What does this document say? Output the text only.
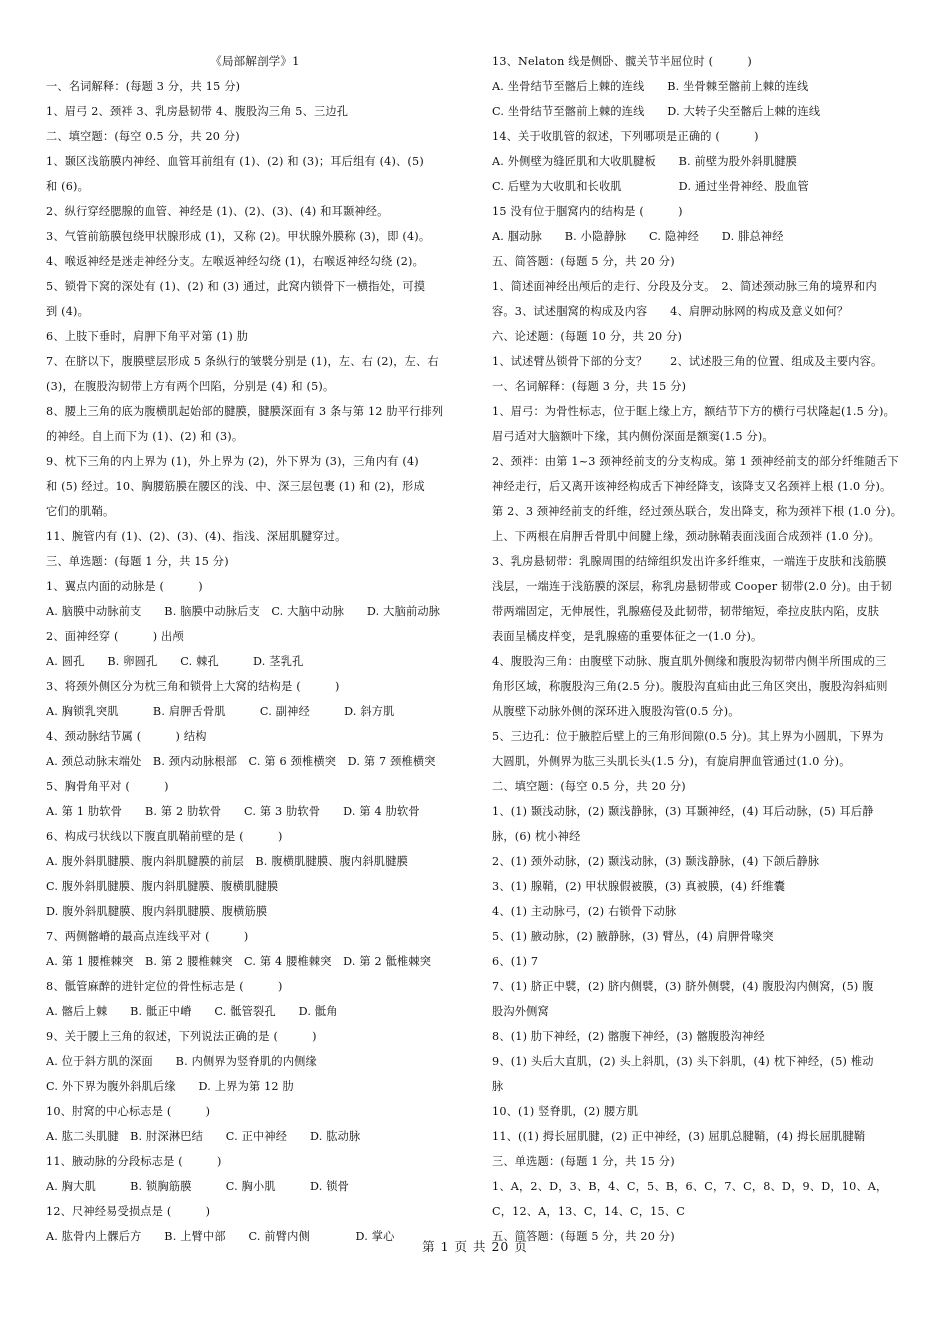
《局部解剖学》1
一、名词解释：(每题 3 分，共 15 分)
1、眉弓 2、颈袢 3、乳房悬韧带 4、腹股沟三角 5、三边孔
二、填空题：(每空 0.5 分，共 20 分)
1、颞区浅筋膜内神经、血管耳前组有 (1)、(2) 和 (3)；耳后组有 (4)、(5)
和 (6)。
2、纵行穿经腮腺的血管、神经是 (1)、(2)、(3)、(4) 和耳颞神经。
3、气管前筋膜包绕甲状腺形成 (1)，又称 (2)。甲状腺外膜称 (3)，即 (4)。
4、喉返神经是迷走神经分支。左喉返神经勾绕 (1)，右喉返神经勾绕 (2)。
5、锁骨下窝的深处有 (1)、(2) 和 (3) 通过，此窝内锁骨下一横指处，可摸
到 (4)。
6、上肢下垂时，肩胛下角平对第 (1) 肋
7、在脐以下，腹膜壁层形成 5 条纵行的皱襞分别是 (1)，左、右 (2)，左、右
(3)，在腹股沟韧带上方有两个凹陷，分别是 (4) 和 (5)。
8、腰上三角的底为腹横肌起始部的腱膜，腱膜深面有 3 条与第 12 肋平行排列
的神经。自上而下为 (1)、(2) 和 (3)。
9、枕下三角的内上界为 (1)，外上界为 (2)，外下界为 (3)，三角内有 (4)
和 (5) 经过。10、胸腰筋膜在腰区的浅、中、深三层包裹 (1) 和 (2)，形成
它们的肌鞘。
11、腕管内有 (1)、(2)、(3)、(4)、指浅、深屈肌腱穿过。
三、单选题：(每题 1 分，共 15 分)
1、翼点内面的动脉是 (　　　)
A. 脑膜中动脉前支　　B. 脑膜中动脉后支　C. 大脑中动脉　　D. 大脑前动脉
2、面神经穿 (　　　) 出颅
A. 圆孔　　B. 卵圆孔　　C. 棘孔　　　D. 茎乳孔
3、将颈外侧区分为枕三角和锁骨上大窝的结构是 (　　　)
A. 胸锁乳突肌　　　B. 肩胛舌骨肌　　　C. 副神经　　　D. 斜方肌
4、颈动脉结节属 (　　　) 结构
A. 颈总动脉末端处　B. 颈内动脉根部　C. 第 6 颈椎横突　D. 第 7 颈椎横突
5、胸骨角平对 (　　　)
A. 第 1 肋软骨　　B. 第 2 肋软骨　　C. 第 3 肋软骨　　D. 第 4 肋软骨
6、构成弓状线以下腹直肌鞘前壁的是 (　　　)
A. 腹外斜肌腱膜、腹内斜肌腱膜的前层　B. 腹横肌腱膜、腹内斜肌腱膜
C. 腹外斜肌腱膜、腹内斜肌腱膜、腹横肌腱膜
D. 腹外斜肌腱膜、腹内斜肌腱膜、腹横筋膜
7、两侧髂嵴的最高点连线平对 (　　　)
A. 第 1 腰椎棘突　B. 第 2 腰椎棘突　C. 第 4 腰椎棘突　D. 第 2 骶椎棘突
8、骶管麻醉的进针定位的骨性标志是 (　　　)
A. 髂后上棘　　B. 骶正中嵴　　C. 骶管裂孔　　D. 骶角
9、关于腰上三角的叙述，下列说法正确的是 (　　　)
A. 位于斜方肌的深面　　B. 内侧界为竖脊肌的内侧缘
C. 外下界为腹外斜肌后缘　　D. 上界为第 12 肋
10、肘窝的中心标志是 (　　　)
A. 肱二头肌腱　B. 肘深淋巴结　　C. 正中神经　　D. 肱动脉
11、腋动脉的分段标志是 (　　　)
A. 胸大肌　　　B. 锁胸筋膜　　　C. 胸小肌　　　D. 锁骨
12、尺神经易受损点是 (　　　)
A. 肱骨内上髁后方　　B. 上臂中部　　C. 前臂内侧　　　　D. 掌心
13、Nelaton 线是侧卧、髋关节半屈位时 (　　　)
A. 坐骨结节至髂后上棘的连线　　B. 坐骨棘至髂前上棘的连线
C. 坐骨结节至髂前上棘的连线　　D. 大转子尖至髂后上棘的连线
14、关于收肌管的叙述，下列哪项是正确的 (　　　)
A. 外侧壁为缝匠肌和大收肌腱板　　B. 前壁为股外斜肌腱膜
C. 后壁为大收肌和长收肌　　　　　D. 通过坐骨神经、股血管
15 没有位于腘窝内的结构是 (　　　)
A. 腘动脉　　B. 小隐静脉　　C. 隐神经　　D. 腓总神经
五、简答题：(每题 5 分，共 20 分)
1、简述面神经出颅后的走行、分段及分支。　2、简述颈动脉三角的境界和内
容。3、试述腘窝的构成及内容　　4、肩胛动脉网的构成及意义如何？
六、论述题：(每题 10 分，共 20 分)
1、试述臂丛锁骨下部的分支？　　2、试述股三角的位置、组成及主要内容。
一、名词解释：(每题 3 分，共 15 分)
1、眉弓：为骨性标志，位于眶上缘上方，额结节下方的横行弓状隆起(1.5 分)。
眉弓适对大脑额叶下缘，其内侧份深面是额窦(1.5 分)。
2、颈袢：由第 1~3 颈神经前支的分支构成。第 1 颈神经前支的部分纤维随舌下
神经走行，后又离开该神经构成舌下神经降支，该降支又名颈袢上根 (1.0 分)。
第 2、3 颈神经前支的纤维，经过颈丛联合，发出降支，称为颈袢下根 (1.0 分)。
上、下两根在肩胛舌骨肌中间腱上缘，颈动脉鞘表面浅面合成颈袢 (1.0 分)。
3、乳房悬韧带：乳腺周围的结缔组织发出许多纤维束，一端连于皮肤和浅筋膜
浅层，一端连于浅筋膜的深层，称乳房悬韧带或 Cooper 韧带(2.0 分)。由于韧
带两端固定，无伸展性，乳腺癌侵及此韧带，韧带缩短，牵拉皮肤内陷，皮肤
表面呈橘皮样变，是乳腺癌的重要体征之一(1.0 分)。
4、腹股沟三角：由腹壁下动脉、腹直肌外侧缘和腹股沟韧带内侧半所围成的三
角形区域，称腹股沟三角(2.5 分)。腹股沟直疝由此三角区突出，腹股沟斜疝则
从腹壁下动脉外侧的深环进入腹股沟管(0.5 分)。
5、三边孔：位于腋腔后壁上的三角形间隙(0.5 分)。其上界为小圆肌，下界为
大圆肌，外侧界为肱三头肌长头(1.5 分)，有旋肩胛血管通过(1.0 分)。
二、填空题：(每空 0.5 分，共 20 分)
1、(1) 颞浅动脉，(2) 颞浅静脉，(3) 耳颞神经，(4) 耳后动脉，(5) 耳后静
脉，(6) 枕小神经
2、(1) 颈外动脉，(2) 颞浅动脉，(3) 颞浅静脉，(4) 下颌后静脉
3、(1) 腺鞘，(2) 甲状腺假被膜，(3) 真被膜，(4) 纤维囊
4、(1) 主动脉弓，(2) 右锁骨下动脉
5、(1) 腋动脉，(2) 腋静脉，(3) 臂丛，(4) 肩胛骨喙突
6、(1) 7
7、(1) 脐正中襞，(2) 脐内侧襞，(3) 脐外侧襞，(4) 腹股沟内侧窝，(5) 腹
股沟外侧窝
8、(1) 肋下神经，(2) 髂腹下神经，(3) 髂腹股沟神经
9、(1) 头后大直肌，(2) 头上斜肌，(3) 头下斜肌，(4) 枕下神经，(5) 椎动
脉
10、(1) 竖脊肌，(2) 腰方肌
11、((1) 拇长屈肌腱，(2) 正中神经，(3) 屈肌总腱鞘，(4) 拇长屈肌腱鞘
三、单选题：(每题 1 分，共 15 分)
1、A，2、D，3、B，4、C，5、B，6、C，7、C，8、D，9、D，10、A，
C，12、A，13、C，14、C，15、C
五、简答题：(每题 5 分，共 20 分)
第 1 页 共 20 页
